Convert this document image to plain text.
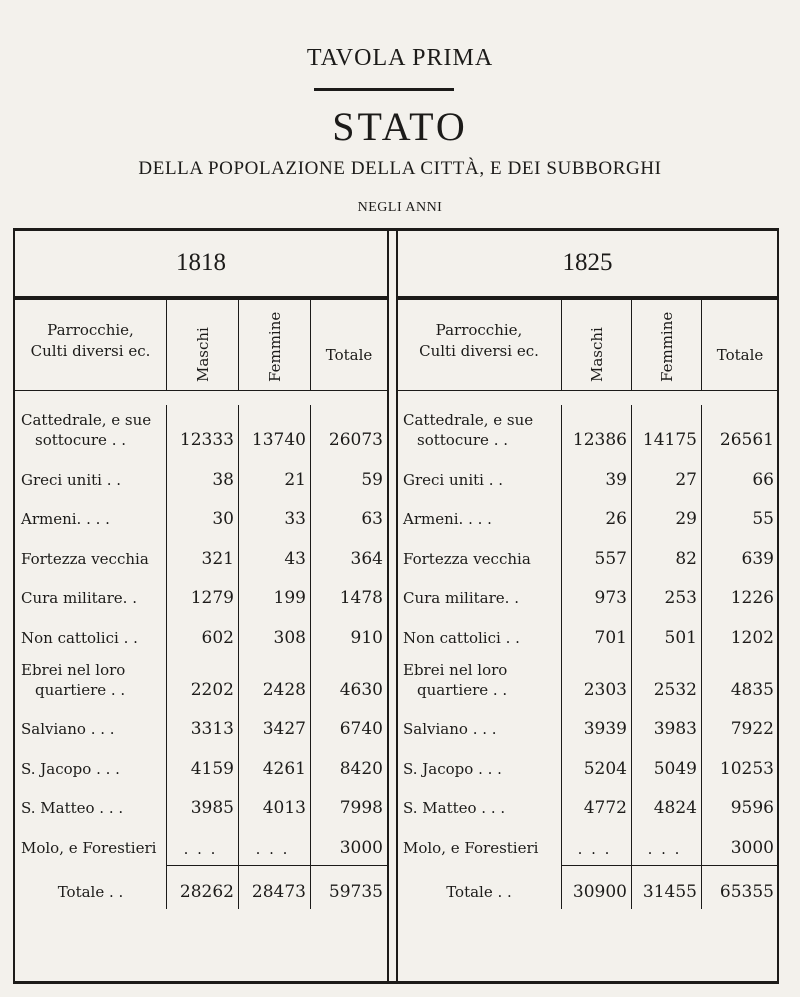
TAVOLA PRIMA
STATO
DELLA POPOLAZIONE DELLA CITTÀ, E DEI SUBBORGHI
NEGLI ANNI
1818
Parrocchie,
Culti diversi ec.	Maschi	Femmine	Totale
Cattedrale, e sue
sottocure . .	12333	13740	26073
Greci uniti . .	38	21	59
Armeni. . . .	30	33	63
Fortezza vecchia	321	43	364
Cura militare. .	1279	199	1478
Non cattolici . .	602	308	910
Ebrei nel loro
quartiere . .	2202	2428	4630
Salviano . . .	3313	3427	6740
S. Jacopo . . .	4159	4261	8420
S. Matteo . . .	3985	4013	7998
Molo, e Forestieri	. . .	. . .	3000
Totale . .	28262	28473	59735
1825
Parrocchie,
Culti diversi ec.	Maschi	Femmine	Totale
Cattedrale, e sue
sottocure . .	12386 14175	26561
Greci uniti . .	39	27	66
Armeni. . . .	26	29	55
Fortezza vecchia	557	82	639
Cura militare. .	973	253	1226
Non cattolici . .	701	501	1202
Ebrei nel loro
quartiere . .	2303	2532	4835
Salviano . . .	3939	3983	7922
S. Jacopo . . .	5204	5049	10253
S. Matteo . . .	4772	4824	9596
Molo, e Forestieri	. . .	. . .	3000
Totale . .	30900 31455	65355
